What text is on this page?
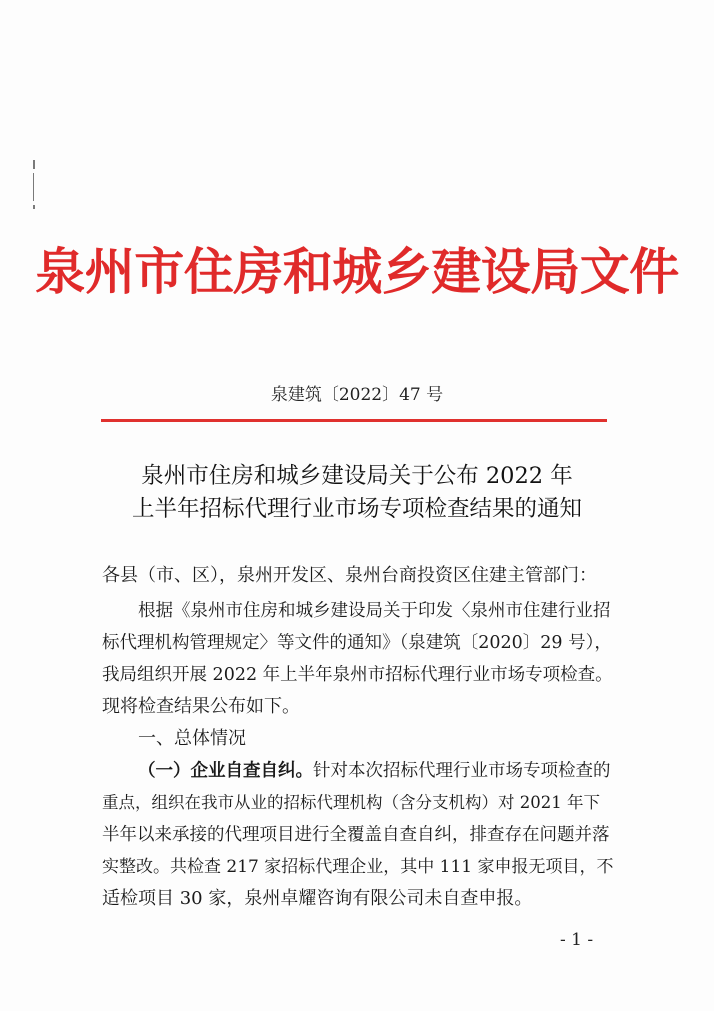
泉州市住房和城乡建设局文件
泉建筑〔2022〕47 号
泉州市住房和城乡建设局关于公布 2022 年
上半年招标代理行业市场专项检查结果的通知
各县（市、区），泉州开发区、泉州台商投资区住建主管部门：
根据《泉州市住房和城乡建设局关于印发〈泉州市住建行业招
标代理机构管理规定〉等文件的通知》（泉建筑〔2020〕29 号），
我局组织开展 2022 年上半年泉州市招标代理行业市场专项检查。
现将检查结果公布如下。
一、总体情况
（一）企业自查自纠。针对本次招标代理行业市场专项检查的
重点，组织在我市从业的招标代理机构（含分支机构）对 2021 年下
半年以来承接的代理项目进行全覆盖自查自纠，排查存在问题并落
实整改。共检查 217 家招标代理企业，其中 111 家申报无项目，不
适检项目 30 家，泉州卓耀咨询有限公司未自查申报。
- 1 -
